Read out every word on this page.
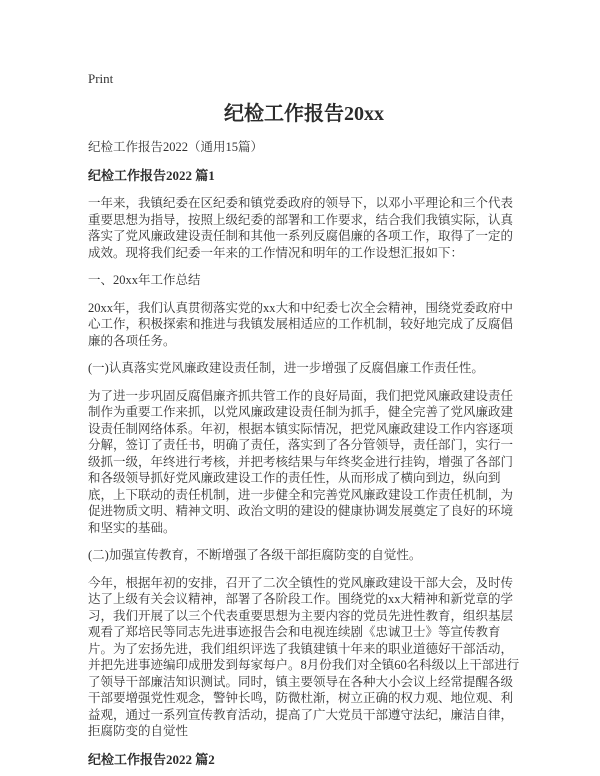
Print
纪检工作报告20xx
纪检工作报告2022（通用15篇）
纪检工作报告2022 篇1

一年来，我镇纪委在区纪委和镇党委政府的领导下，以邓小平理论和三个代表重要思想为指导，按照上级纪委的部署和工作要求，结合我们我镇实际，认真落实了党风廉政建设责任制和其他一系列反腐倡廉的各项工作，取得了一定的成效。现将我们纪委一年来的工作情况和明年的工作设想汇报如下：

一、20xx年工作总结

20xx年，我们认真贯彻落实党的xx大和中纪委七次全会精神，围绕党委政府中心工作，积极探索和推进与我镇发展相适应的工作机制，较好地完成了反腐倡廉的各项任务。

(一)认真落实党风廉政建设责任制，进一步增强了反腐倡廉工作责任性。

为了进一步巩固反腐倡廉齐抓共管工作的良好局面，我们把党风廉政建设责任制作为重要工作来抓，以党风廉政建设责任制为抓手，健全完善了党风廉政建设责任制网络体系。年初，根据本镇实际情况，把党风廉政建设工作内容逐项分解，签订了责任书，明确了责任，落实到了各分管领导，责任部门，实行一级抓一级，年终进行考核，并把考核结果与年终奖金进行挂钩，增强了各部门和各级领导抓好党风廉政建设工作的责任性，从而形成了横向到边，纵向到底，上下联动的责任机制，进一步健全和完善党风廉政建设工作责任机制，为促进物质文明、精神文明、政治文明的建设的健康协调发展奠定了良好的环境和坚实的基础。

(二)加强宣传教育，不断增强了各级干部拒腐防变的自觉性。

今年，根据年初的安排，召开了二次全镇性的党风廉政建设干部大会，及时传达了上级有关会议精神，部署了各阶段工作。围绕党的xx大精神和新党章的学习，我们开展了以三个代表重要思想为主要内容的党员先进性教育，组织基层观看了郑培民等同志先进事迹报告会和电视连续剧《忠诚卫士》等宣传教育片。为了宏扬先进，我们组织评选了我镇建镇十年来的职业道德好干部活动，并把先进事迹编印成册发到每家每户。8月份我们对全镇60名科级以上干部进行了领导干部廉洁知识测试。同时，镇主要领导在各种大小会议上经常提醒各级干部要增强党性观念，警钟长鸣，防微杜渐，树立正确的权力观、地位观、利益观，通过一系列宣传教育活动，提高了广大党员干部遵守法纪，廉洁自律，拒腐防变的自觉性

纪检工作报告2022 篇2
